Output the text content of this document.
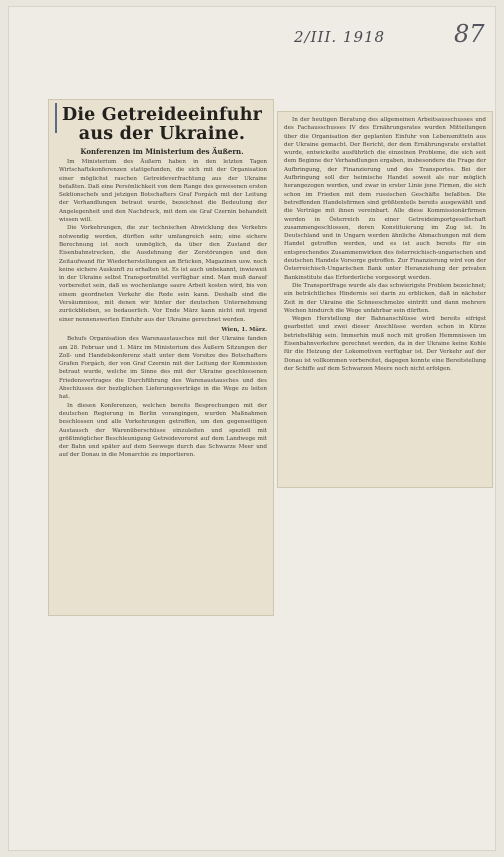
2/III. 1918	87
Die Getreideeinfuhr aus der Ukraine.
Konferenzen im Ministerium des Äußern.

Im Ministerium des Äußern haben in den letzten Tagen Wirtschaftskonferenzen stattgefunden, die sich mit der Organisation einer möglichst raschen Getreideverfrachtung aus der Ukraine befaßten. Daß eine Persönlichkeit von dem Range des gewesenen ersten Sektionschefs und jetzigen Botschafters Graf Forgách mit der Leitung der Verhandlungen betraut wurde, bezeichnet die Bedeutung der Angelegenheit und den Nachdruck, mit dem sie Graf Czernin behandelt wissen will.

Die Vorkehrungen, die zur technischen Abwicklung des Verkehrs notwendig werden, dürften sehr umfangreich sein; eine sichere Berechnung ist noch unmöglich, da über den Zustand der Eisenbahnstrecken, die Ausdehnung der Zerstörungen und den Zeitaufwand für Wiederherstellungen an Brücken, Magazinen usw. noch keine sichere Auskunft zu erhalten ist. Es ist auch unbekannt, inwieweit in der Ukraine selbst Transportmittel verfügbar sind. Man muß darauf vorbereitet sein, daß es wochenlange saure Arbeit kosten wird, bis von einem geordneten Verkehr die Rede sein kann. Deshalb sind die Versäumnisse, mit denen wir hinter der deutschen Unternehmung zurückblieben, so bedauerlich. Vor Ende März kann nicht mit irgend einer nennenswerten Einfuhr aus der Ukraine gerechnet werden.

Wien, 1. März.

Behufs Organisation des Warenaustausches mit der Ukraine fanden am 28. Februar und 1. März im Ministerium des Äußern Sitzungen der Zoll- und Handelskonferenz statt unter dem Vorsitze des Botschafters Grafen Forgách, der von Graf Czernin mit der Leitung der Kommission betraut wurde, welche im Sinne des mit der Ukraine geschlossenen Friedensvertrages die Durchführung des Warenaustausches und des Abschlusses der bezüglichen Lieferungsverträge in die Wege zu leiten hat.

In diesen Konferenzen, welchen bereits Besprechungen mit der deutschen Regierung in Berlin vorangingen, wurden Maßnahmen beschlossen und alle Vorkehrungen getroffen, um den gegenseitigen Austausch der Warenüberschüsse einzuleiten und speziell mit größtmöglicher Beschleunigung Getreidevorerst auf dem Landwege mit der Bahn und später auf dem Seewege durch das Schwarze Meer und auf der Donau in die Monarchie zu importieren.

In der heutigen Beratung des allgemeinen Arbeitsausschusses und des Fachausschusses IV des Ernährungsrates wurden Mitteilungen über die Organisation der geplanten Einfuhr von Lebensmitteln aus der Ukraine gemacht. Der Bericht, der dem Ernährungsrate erstattet wurde, entwickelte ausführlich die einzelnen Probleme, die sich seit dem Beginne der Verhandlungen ergaben, insbesondere die Frage der Aufbringung, der Finanzierung und des Transportes. Bei der Aufbringung soll der heimische Handel soweit als nur möglich herangezogen werden, und zwar in erster Linie jene Firmen, die sich schon im Frieden mit dem russischen Geschäfte befaßten. Die betreffenden Handelsfirmen sind größtenteils bereits ausgewählt und die Verträge mit ihnen vereinbart. Alle diese Kommissionärfirmen werden in Österreich zu einer Getreideimportgesellschaft zusammengeschlossen, deren Konstituierung im Zug ist. In Deutschland und in Ungarn werden ähnliche Abmachungen mit dem Handel getroffen werden, und es ist auch bereits für ein entsprechendes Zusammenwirken des österreichisch-ungarischen und deutschen Handels Vorsorge getroffen. Zur Finanzierung wird von der Österreichisch-Ungarischen Bank unter Heranziehung der privaten Bankinstitute das Erforderliche vorgesorgt werden.

Die Transportfrage wurde als das schwierigste Problem bezeichnet; ein beträchtliches Hindernis sei darin zu erblicken, daß in nächster Zeit in der Ukraine die Schneeschmelze eintritt und dann mehrere Wochen hindurch die Wege unfahrbar sein dürften.

Wegen Herstellung der Bahnanschlüsse wird bereits eifrigst gearbeitet und zwei dieser Anschlüsse werden schon in Kürze betriebsfähig sein. Immerhin muß noch mit großen Hemmnissen im Eisenbahnverkehre gerechnet werden, da in der Ukraine keine Kohle für die Heizung der Lokomotiven verfügbar ist. Der Verkehr auf der Donau ist vollkommen vorbereitet, dagegen konnte eine Bereitstellung der Schiffe auf dem Schwarzen Meere noch nicht erfolgen.
